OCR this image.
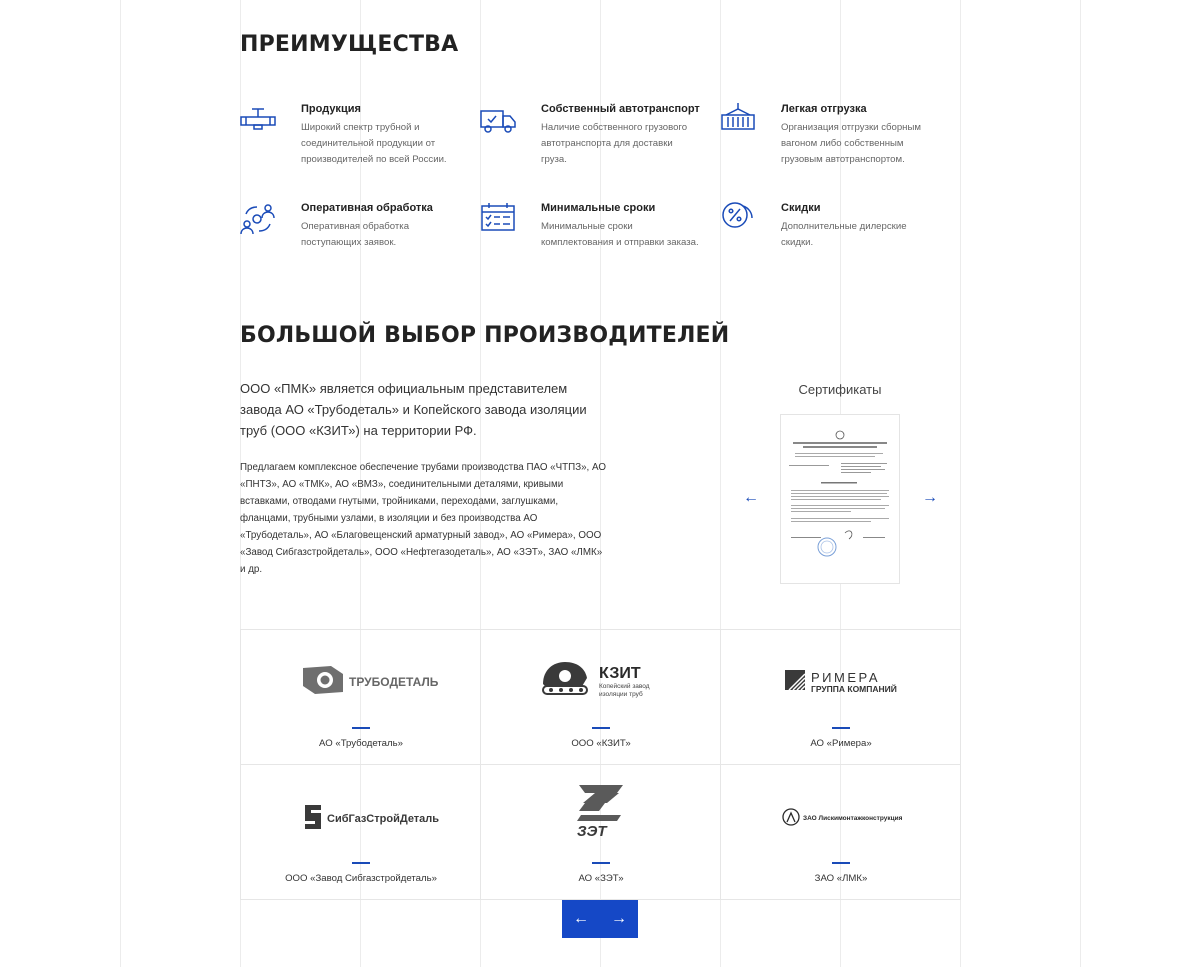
ПРЕИМУЩЕСТВА
Продукция
Широкий спектр трубной и соединительной продукции от производителей по всей России.
Собственный автотранспорт
Наличие собственного грузового автотранспорта для доставки груза.
Легкая отгрузка
Организация отгрузки сборным вагоном либо собственным грузовым автотранспортом.
Оперативная обработка
Оперативная обработка поступающих заявок.
Минимальные сроки
Минимальные сроки комплектования и отправки заказа.
Скидки
Дополнительные дилерские скидки.
БОЛЬШОЙ ВЫБОР ПРОИЗВОДИТЕЛЕЙ
ООО «ПМК» является официальным представителем завода АО «Трубодеталь» и Копейского завода изоляции труб (ООО «КЗИТ») на территории РФ.
Предлагаем комплексное обеспечение трубами производства ПАО «ЧТПЗ», АО «ПНТЗ», АО «ТМК», АО «ВМЗ», соединительными деталями, кривыми вставками, отводами гнутыми, тройниками, переходами, заглушками, фланцами, трубными узлами, в изоляции и без производства АО «Трубодеталь», АО «Благовещенский арматурный завод», АО «Римера», ООО «Завод Сибгазстройдеталь», ООО «Нефтегазодеталь», АО «ЗЭТ», ЗАО «ЛМК» и др.
Сертификаты
←	→
ТРУБОДЕТАЛЬ
АО «Трубодеталь»
КЗИТ
Копейский завод
изоляции труб
ООО «КЗИТ»
РИМЕРА
ГРУППА КОМПАНИЙ
АО «Римера»
СибГазСтройДеталь
ООО «Завод Сибгазстройдеталь»
ЗЭТ
АО «ЗЭТ»
ЗАО Лискимонтажконструкция
ЗАО «ЛМК»
←	→
